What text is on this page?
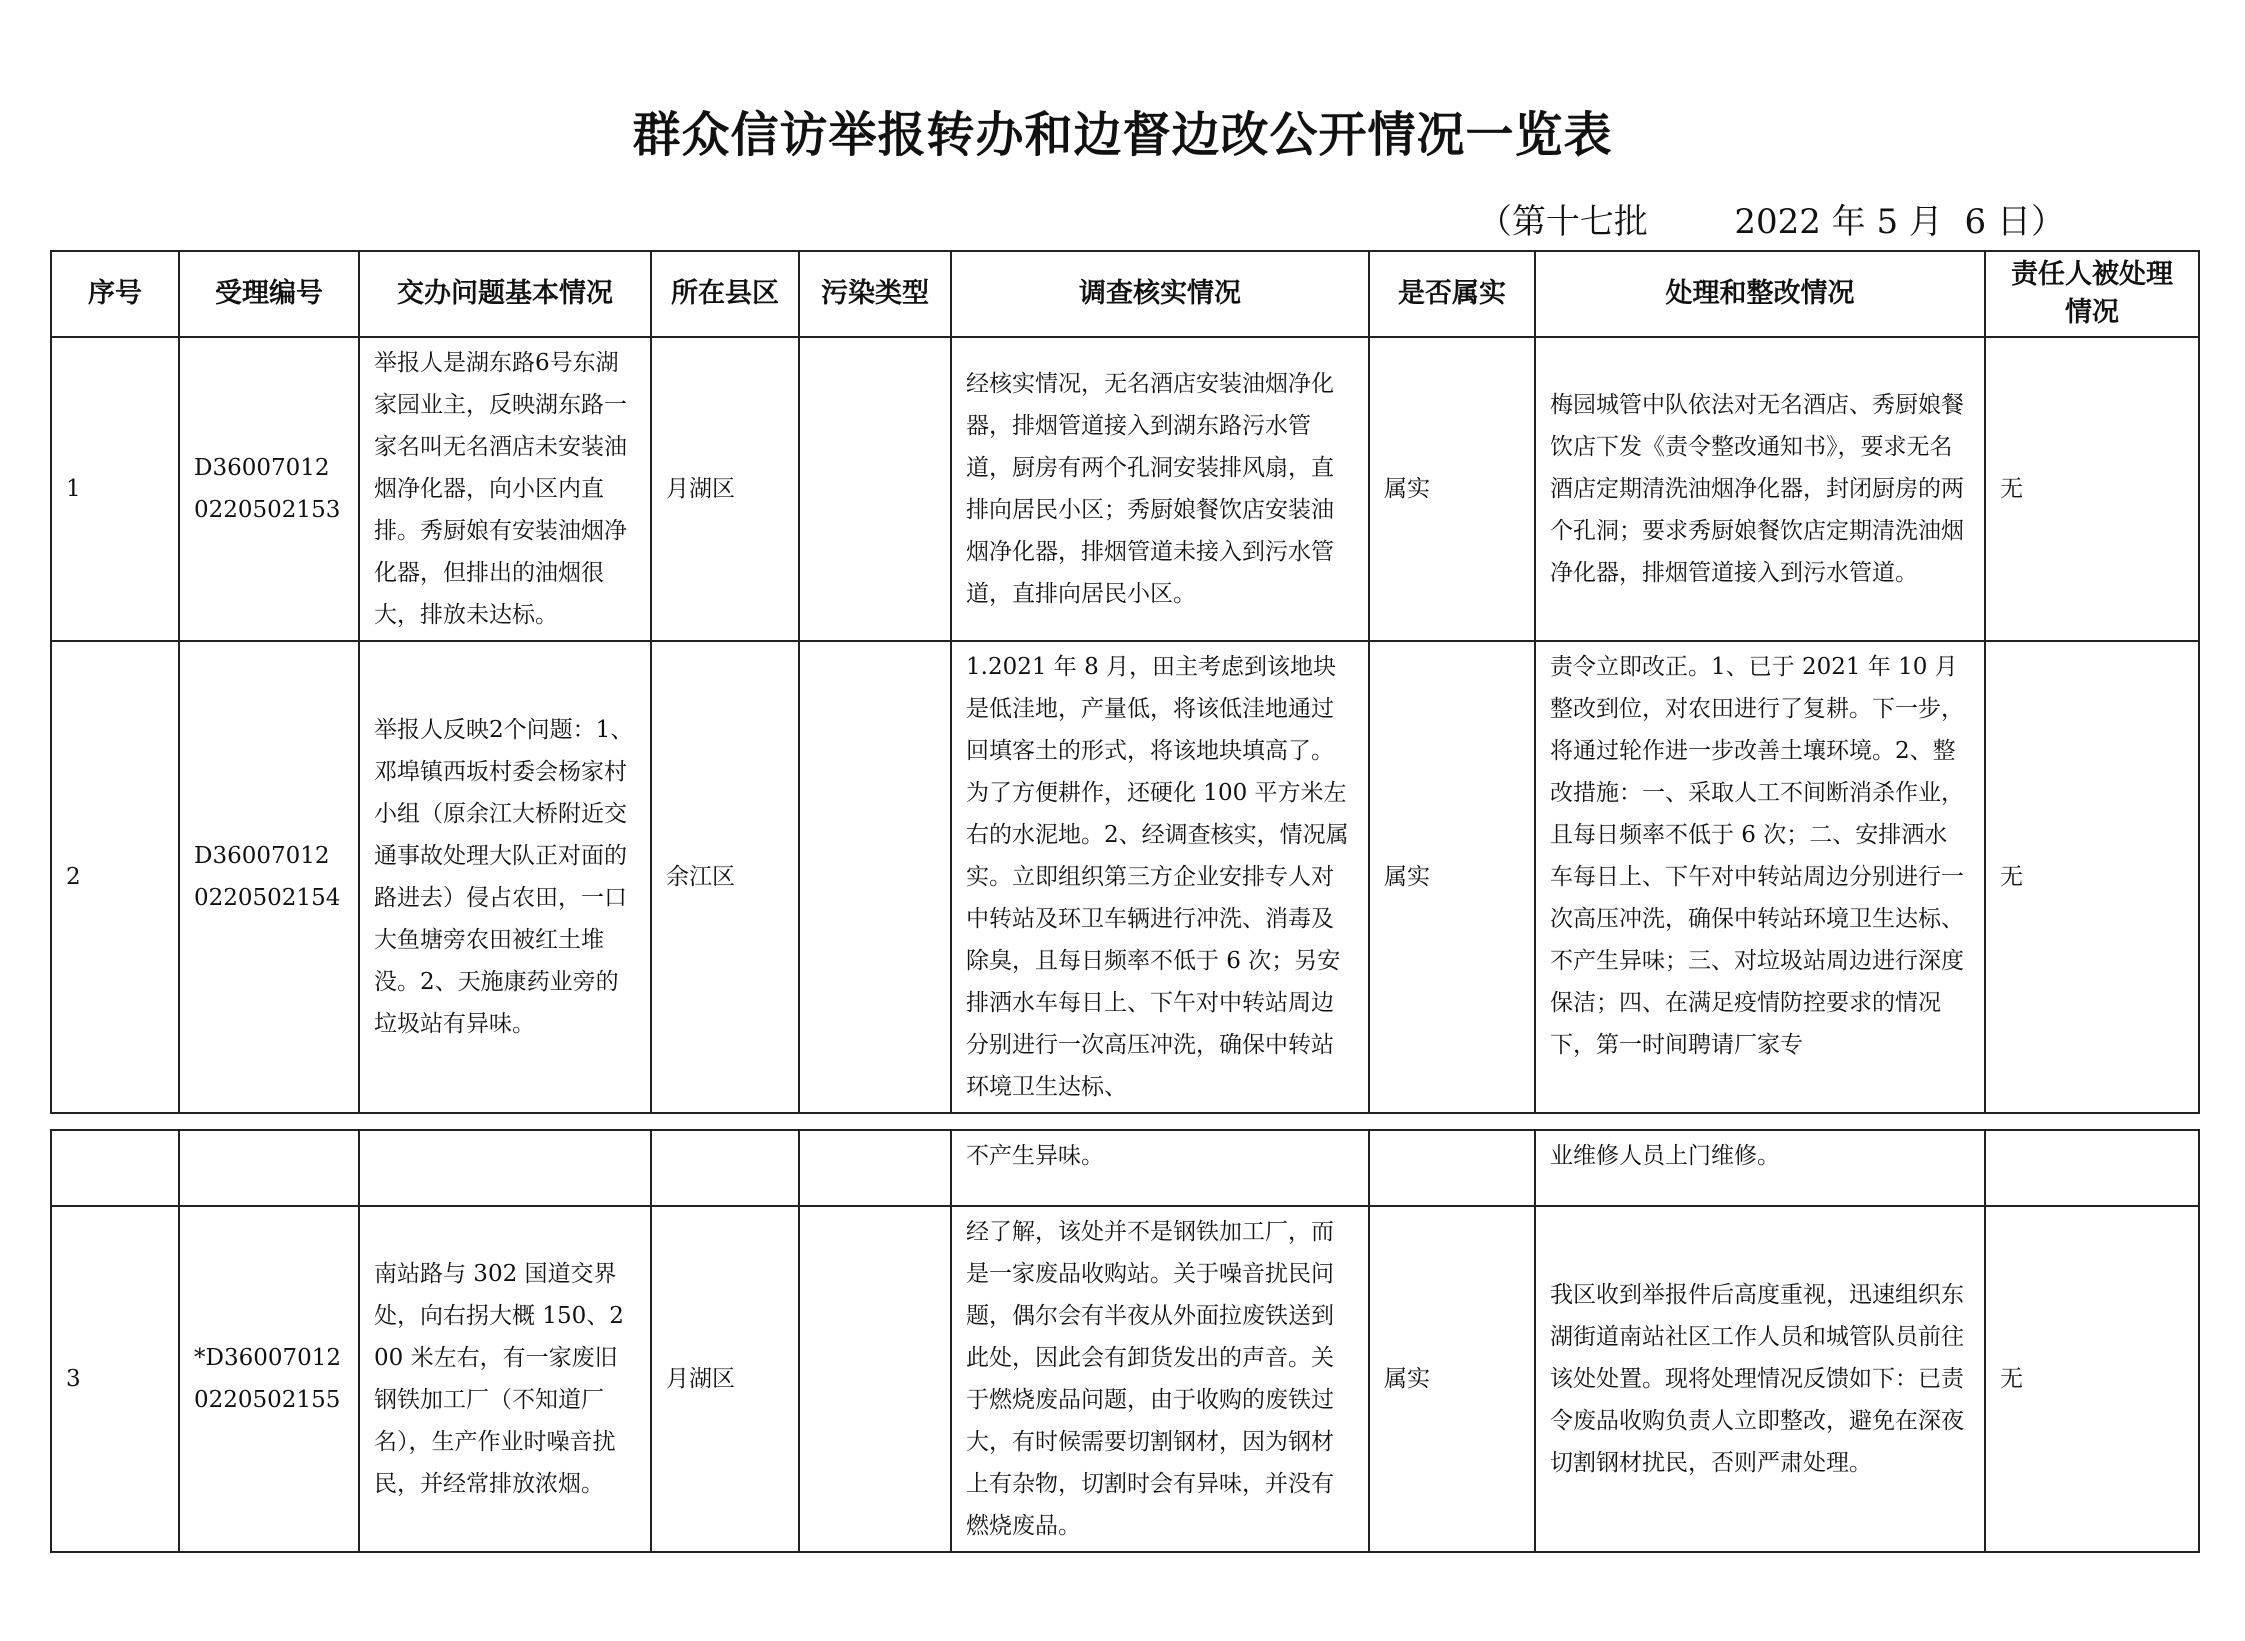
群众信访举报转办和边督边改公开情况一览表
（第十七批        2022 年 5 月  6 日）
序号	受理编号	交办问题基本情况	所在县区	污染类型	调查核实情况	是否属实	处理和整改情况	责任人被处理情况
1	D360070120220502153	举报人是湖东路6号东湖家园业主，反映湖东路一家名叫无名酒店未安装油烟净化器，向小区内直排。秀厨娘有安装油烟净化器，但排出的油烟很大，排放未达标。	月湖区		经核实情况，无名酒店安装油烟净化器，排烟管道接入到湖东路污水管道，厨房有两个孔洞安装排风扇，直排向居民小区；秀厨娘餐饮店安装油烟净化器，排烟管道未接入到污水管道，直排向居民小区。	属实	梅园城管中队依法对无名酒店、秀厨娘餐饮店下发《责令整改通知书》，要求无名酒店定期清洗油烟净化器，封闭厨房的两个孔洞；要求秀厨娘餐饮店定期清洗油烟净化器，排烟管道接入到污水管道。	无
2	D360070120220502154	举报人反映2个问题：1、邓埠镇西坂村委会杨家村小组（原余江大桥附近交通事故处理大队正对面的路进去）侵占农田，一口大鱼塘旁农田被红土堆没。2、天施康药业旁的垃圾站有异味。	余江区		1.2021 年 8 月，田主考虑到该地块是低洼地，产量低，将该低洼地通过回填客土的形式，将该地块填高了。为了方便耕作，还硬化 100 平方米左右的水泥地。2、经调查核实，情况属实。立即组织第三方企业安排专人对中转站及环卫车辆进行冲洗、消毒及除臭，且每日频率不低于 6 次；另安排洒水车每日上、下午对中转站周边分别进行一次高压冲洗，确保中转站环境卫生达标、	属实	责令立即改正。1、已于 2021 年 10 月整改到位，对农田进行了复耕。下一步，将通过轮作进一步改善土壤环境。2、整改措施：一、采取人工不间断消杀作业，且每日频率不低于 6 次；二、安排洒水车每日上、下午对中转站周边分别进行一次高压冲洗，确保中转站环境卫生达标、不产生异味；三、对垃圾站周边进行深度保洁；四、在满足疫情防控要求的情况下，第一时间聘请厂家专	无
					不产生异味。		业维修人员上门维修。	
3	*D360070120220502155	南站路与 302 国道交界处，向右拐大概 150、200 米左右，有一家废旧钢铁加工厂（不知道厂名），生产作业时噪音扰民，并经常排放浓烟。	月湖区		经了解，该处并不是钢铁加工厂，而是一家废品收购站。关于噪音扰民问题，偶尔会有半夜从外面拉废铁送到此处，因此会有卸货发出的声音。关于燃烧废品问题，由于收购的废铁过大，有时候需要切割钢材，因为钢材上有杂物，切割时会有异味，并没有燃烧废品。	属实	我区收到举报件后高度重视，迅速组织东湖街道南站社区工作人员和城管队员前往该处处置。现将处理情况反馈如下：已责令废品收购负责人立即整改，避免在深夜切割钢材扰民，否则严肃处理。	无
